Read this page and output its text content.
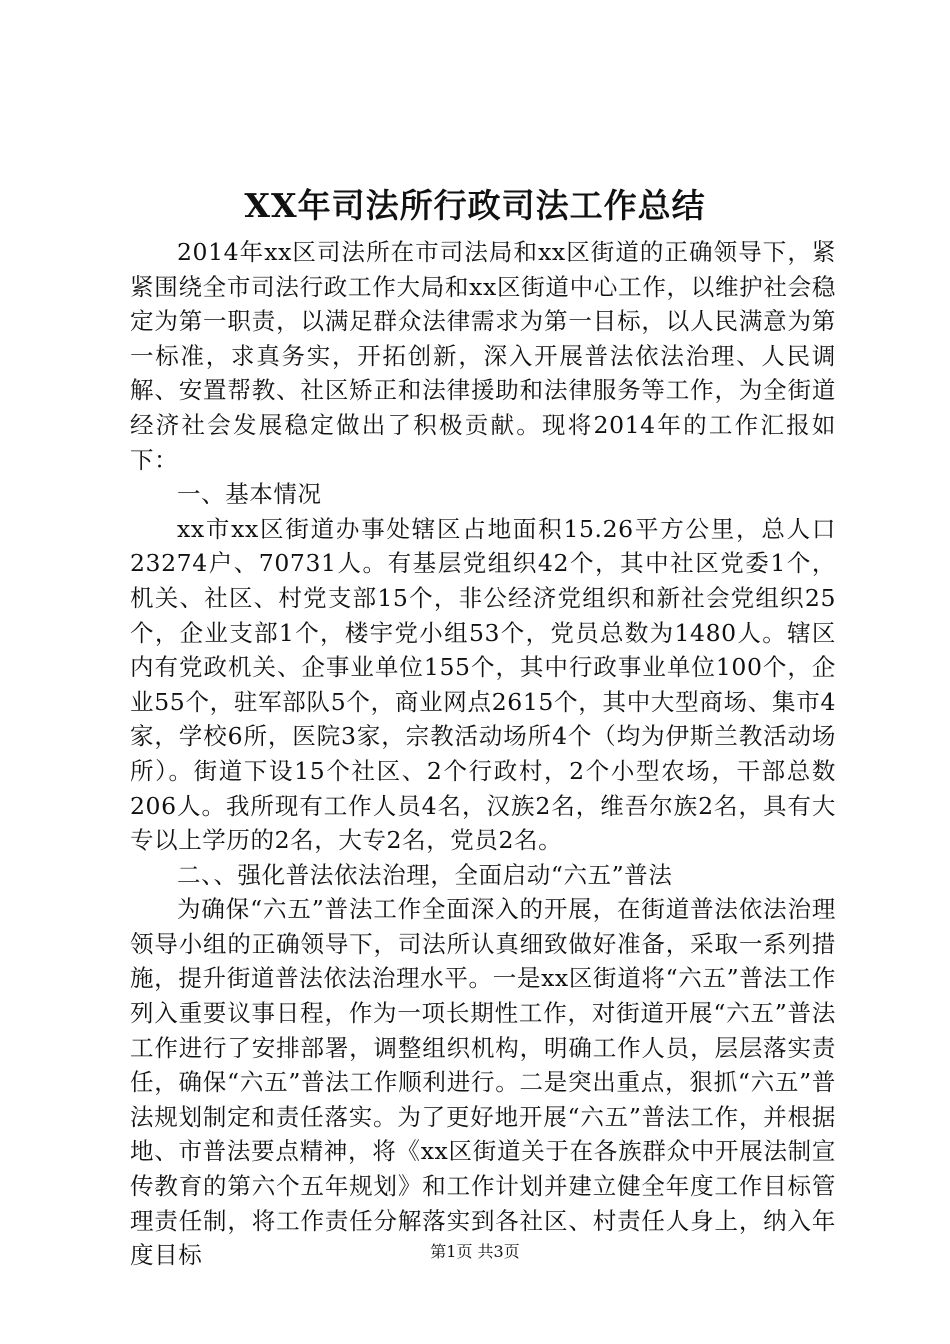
XX年司法所行政司法工作总结

2014年xx区司法所在市司法局和xx区街道的正确领导下，紧紧围绕全市司法行政工作大局和xx区街道中心工作，以维护社会稳定为第一职责，以满足群众法律需求为第一目标，以人民满意为第一标准，求真务实，开拓创新，深入开展普法依法治理、人民调解、安置帮教、社区矫正和法律援助和法律服务等工作，为全街道经济社会发展稳定做出了积极贡献。现将2014年的工作汇报如下：

一、基本情况

xx市xx区街道办事处辖区占地面积15.26平方公里，总人口23274户、70731人。有基层党组织42个，其中社区党委1个，机关、社区、村党支部15个，非公经济党组织和新社会党组织25个，企业支部1个，楼宇党小组53个，党员总数为1480人。辖区内有党政机关、企事业单位155个，其中行政事业单位100个，企业55个，驻军部队5个，商业网点2615个，其中大型商场、集市4家，学校6所，医院3家，宗教活动场所4个（均为伊斯兰教活动场所）。街道下设15个社区、2个行政村，2个小型农场，干部总数206人。我所现有工作人员4名，汉族2名，维吾尔族2名，具有大专以上学历的2名，大专2名，党员2名。

二、、强化普法依法治理，全面启动“六五”普法

为确保“六五”普法工作全面深入的开展，在街道普法依法治理领导小组的正确领导下，司法所认真细致做好准备，采取一系列措施，提升街道普法依法治理水平。一是xx区街道将“六五”普法工作列入重要议事日程，作为一项长期性工作，对街道开展“六五”普法工作进行了安排部署，调整组织机构，明确工作人员，层层落实责任，确保“六五”普法工作顺利进行。二是突出重点，狠抓“六五”普法规划制定和责任落实。为了更好地开展“六五”普法工作，并根据地、市普法要点精神，将《xx区街道关于在各族群众中开展法制宣传教育的第六个五年规划》和工作计划并建立健全年度工作目标管理责任制，将工作责任分解落实到各社区、村责任人身上，纳入年度目标	第1页 共3页
